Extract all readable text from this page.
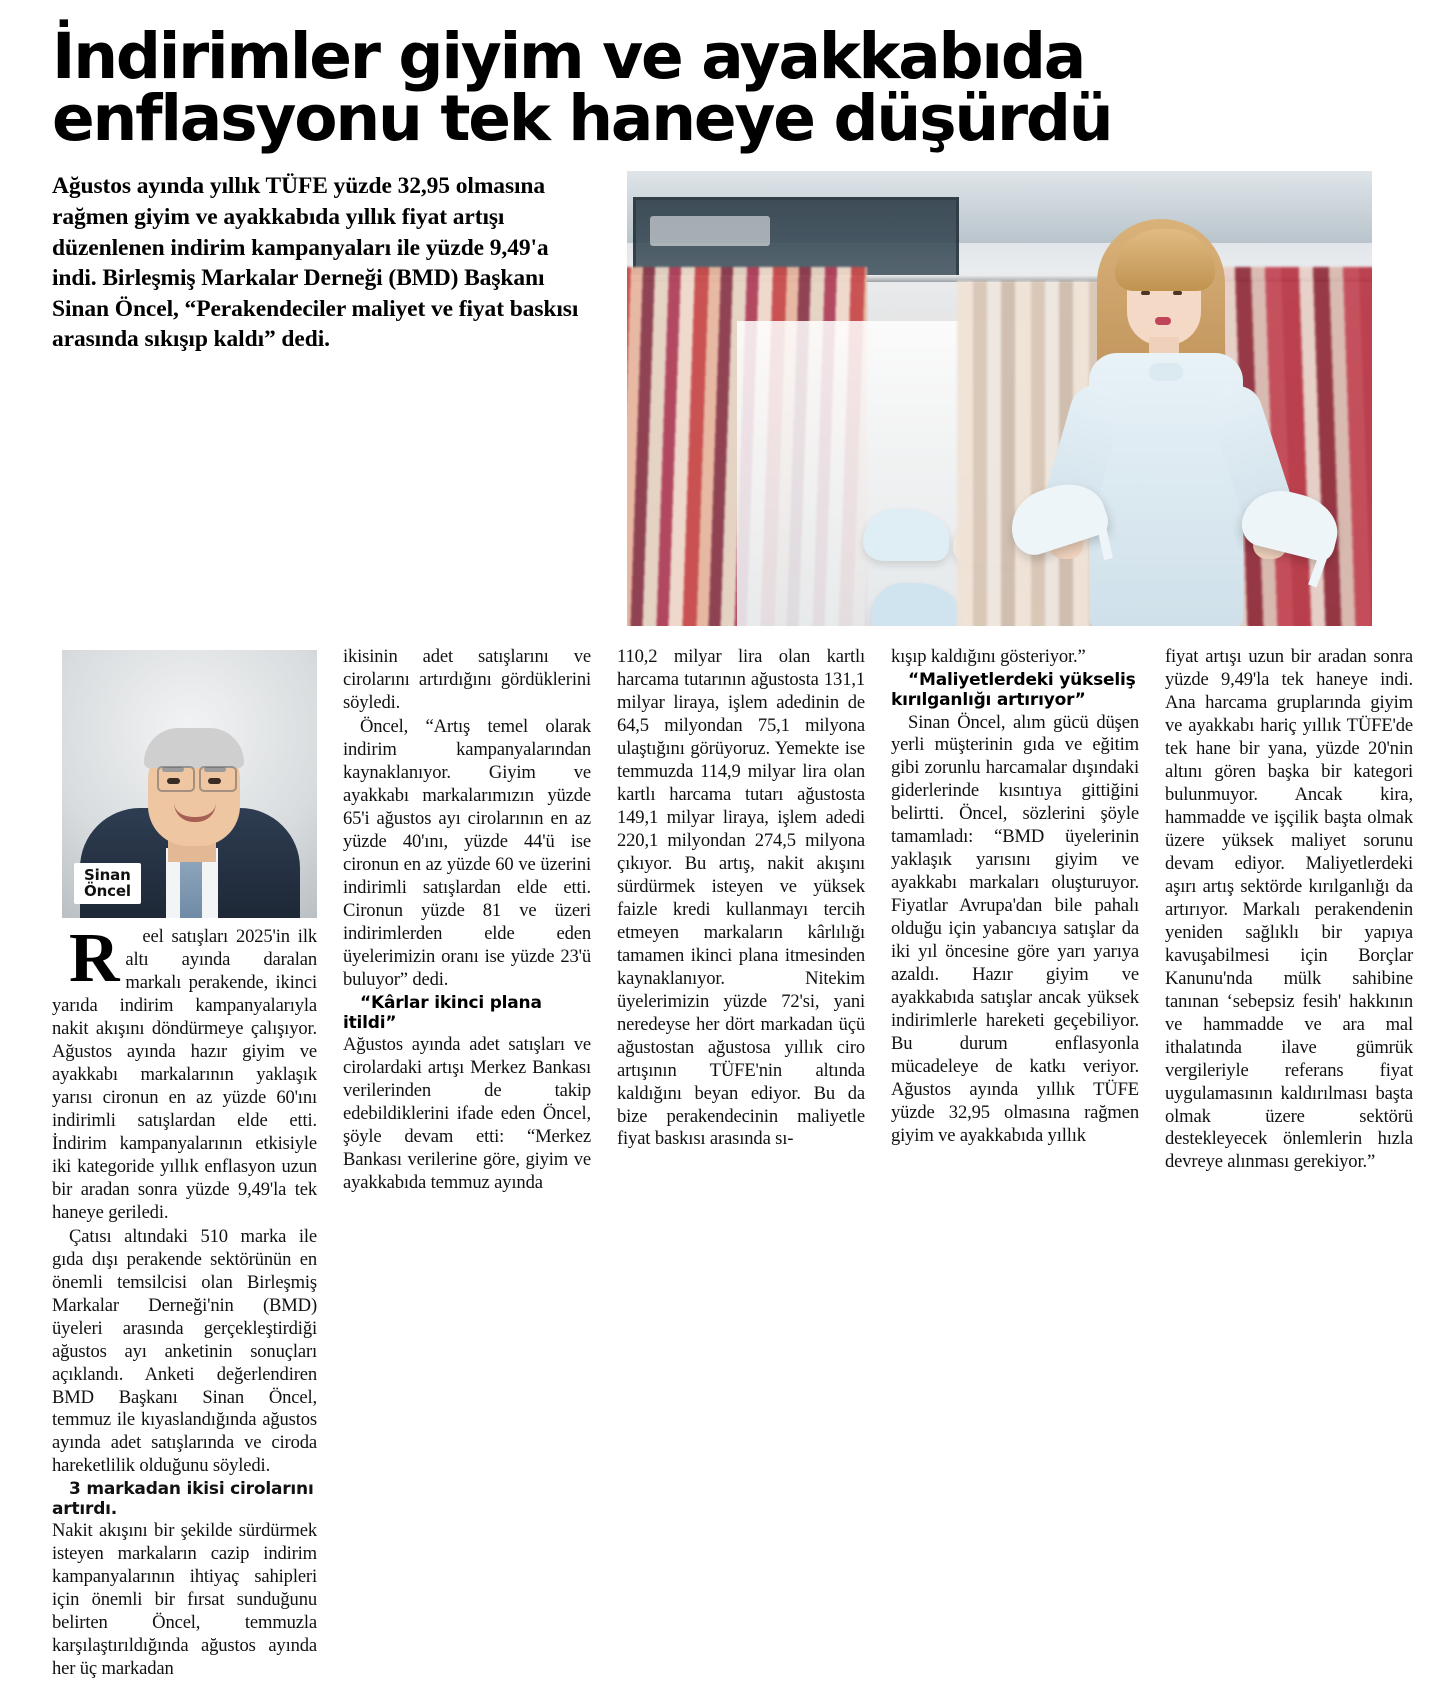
İndirimler giyim ve ayakkabıda
enflasyonu tek haneye düşürdü
Ağustos ayında yıllık TÜFE yüzde 32,95 olmasına rağmen giyim ve ayakkabıda yıllık fiyat artışı düzenlenen indirim kampanyaları ile yüzde 9,49'a indi. Birleşmiş Markalar Derneği (BMD) Başkanı Sinan Öncel, “Perakendeciler maliyet ve fiyat baskısı arasında sıkışıp kaldı” dedi.
Sinan
Öncel

Reel satışları 2025'in ilk altı ayında daralan markalı perakende, ikinci yarıda indirim kampanyalarıyla nakit akışını döndürmeye çalışıyor. Ağustos ayında hazır giyim ve ayakkabı markalarının yaklaşık yarısı cironun en az yüzde 60'ını indirimli satışlardan elde etti. İndirim kampanyalarının etkisiyle iki kategoride yıllık enflasyon uzun bir aradan sonra yüzde 9,49'la tek haneye geriledi.

Çatısı altındaki 510 marka ile gıda dışı perakende sektörünün en önemli temsilcisi olan Birleşmiş Markalar Derneği'nin (BMD) üyeleri arasında gerçekleştirdiği ağustos ayı anketinin sonuçları açıklandı. Anketi değerlendiren BMD Başkanı Sinan Öncel, temmuz ile kıyaslandığında ağustos ayında adet satışlarında ve ciroda hareketlilik olduğunu söyledi.

3 markadan ikisi cirolarını artırdı.

Nakit akışını bir şekilde sürdürmek isteyen markaların cazip indirim kampanyalarının ihtiyaç sahipleri için önemli bir fırsat sunduğunu belirten Öncel, temmuzla karşılaştırıldığında ağustos ayında her üç markadan

ikisinin adet satışlarını ve cirolarını artırdığını gördüklerini söyledi.

Öncel, “Artış temel olarak indirim kampanyalarından kaynaklanıyor. Giyim ve ayakkabı markalarımızın yüzde 65'i ağustos ayı cirolarının en az yüzde 40'ını, yüzde 44'ü ise cironun en az yüzde 60 ve üzerini indirimli satışlardan elde etti. Cironun yüzde 81 ve üzeri indirimlerden elde eden üyelerimizin oranı ise yüzde 23'ü buluyor” dedi.

“Kârlar ikinci plana itildi”

Ağustos ayında adet satışları ve cirolardaki artışı Merkez Bankası verilerinden de takip edebildiklerini ifade eden Öncel, şöyle devam etti: “Merkez Bankası verilerine göre, giyim ve ayakkabıda temmuz ayında

110,2 milyar lira olan kartlı harcama tutarının ağustosta 131,1 milyar liraya, işlem adedinin de 64,5 milyondan 75,1 milyona ulaştığını görüyoruz. Yemekte ise temmuzda 114,9 milyar lira olan kartlı harcama tutarı ağustosta 149,1 milyar liraya, işlem adedi 220,1 milyondan 274,5 milyona çıkıyor. Bu artış, nakit akışını sürdürmek isteyen ve yüksek faizle kredi kullanmayı tercih etmeyen markaların kârlılığı tamamen ikinci plana itmesinden kaynaklanıyor. Nitekim üyelerimizin yüzde 72'si, yani neredeyse her dört markadan üçü ağustostan ağustosa yıllık ciro artışının TÜFE'nin altında kaldığını beyan ediyor. Bu da bize perakendecinin maliyetle fiyat baskısı arasında sı-

kışıp kaldığını gösteriyor.”

“Maliyetlerdeki yükseliş kırılganlığı artırıyor”

Sinan Öncel, alım gücü düşen yerli müşterinin gıda ve eğitim gibi zorunlu harcamalar dışındaki giderlerinde kısıntıya gittiğini belirtti. Öncel, sözlerini şöyle tamamladı: “BMD üyelerinin yaklaşık yarısını giyim ve ayakkabı markaları oluşturuyor. Fiyatlar Avrupa'dan bile pahalı olduğu için yabancıya satışlar da iki yıl öncesine göre yarı yarıya azaldı. Hazır giyim ve ayakkabıda satışlar ancak yüksek indirimlerle hareketi geçebiliyor. Bu durum enflasyonla mücadeleye de katkı veriyor. Ağustos ayında yıllık TÜFE yüzde 32,95 olmasına rağmen giyim ve ayakkabıda yıllık

fiyat artışı uzun bir aradan sonra yüzde 9,49'la tek haneye indi. Ana harcama gruplarında giyim ve ayakkabı hariç yıllık TÜFE'de tek hane bir yana, yüzde 20'nin altını gören başka bir kategori bulunmuyor. Ancak kira, hammadde ve işçilik başta olmak üzere yüksek maliyet sorunu devam ediyor. Maliyetlerdeki aşırı artış sektörde kırılganlığı da artırıyor. Markalı perakendenin yeniden sağlıklı bir yapıya kavuşabilmesi için Borçlar Kanunu'nda mülk sahibine tanınan ‘sebepsiz fesih' hakkının ve hammadde ve ara mal ithalatında ilave gümrük vergileriyle referans fiyat uygulamasının kaldırılması başta olmak üzere sektörü destekleyecek önlemlerin hızla devreye alınması gerekiyor.”
